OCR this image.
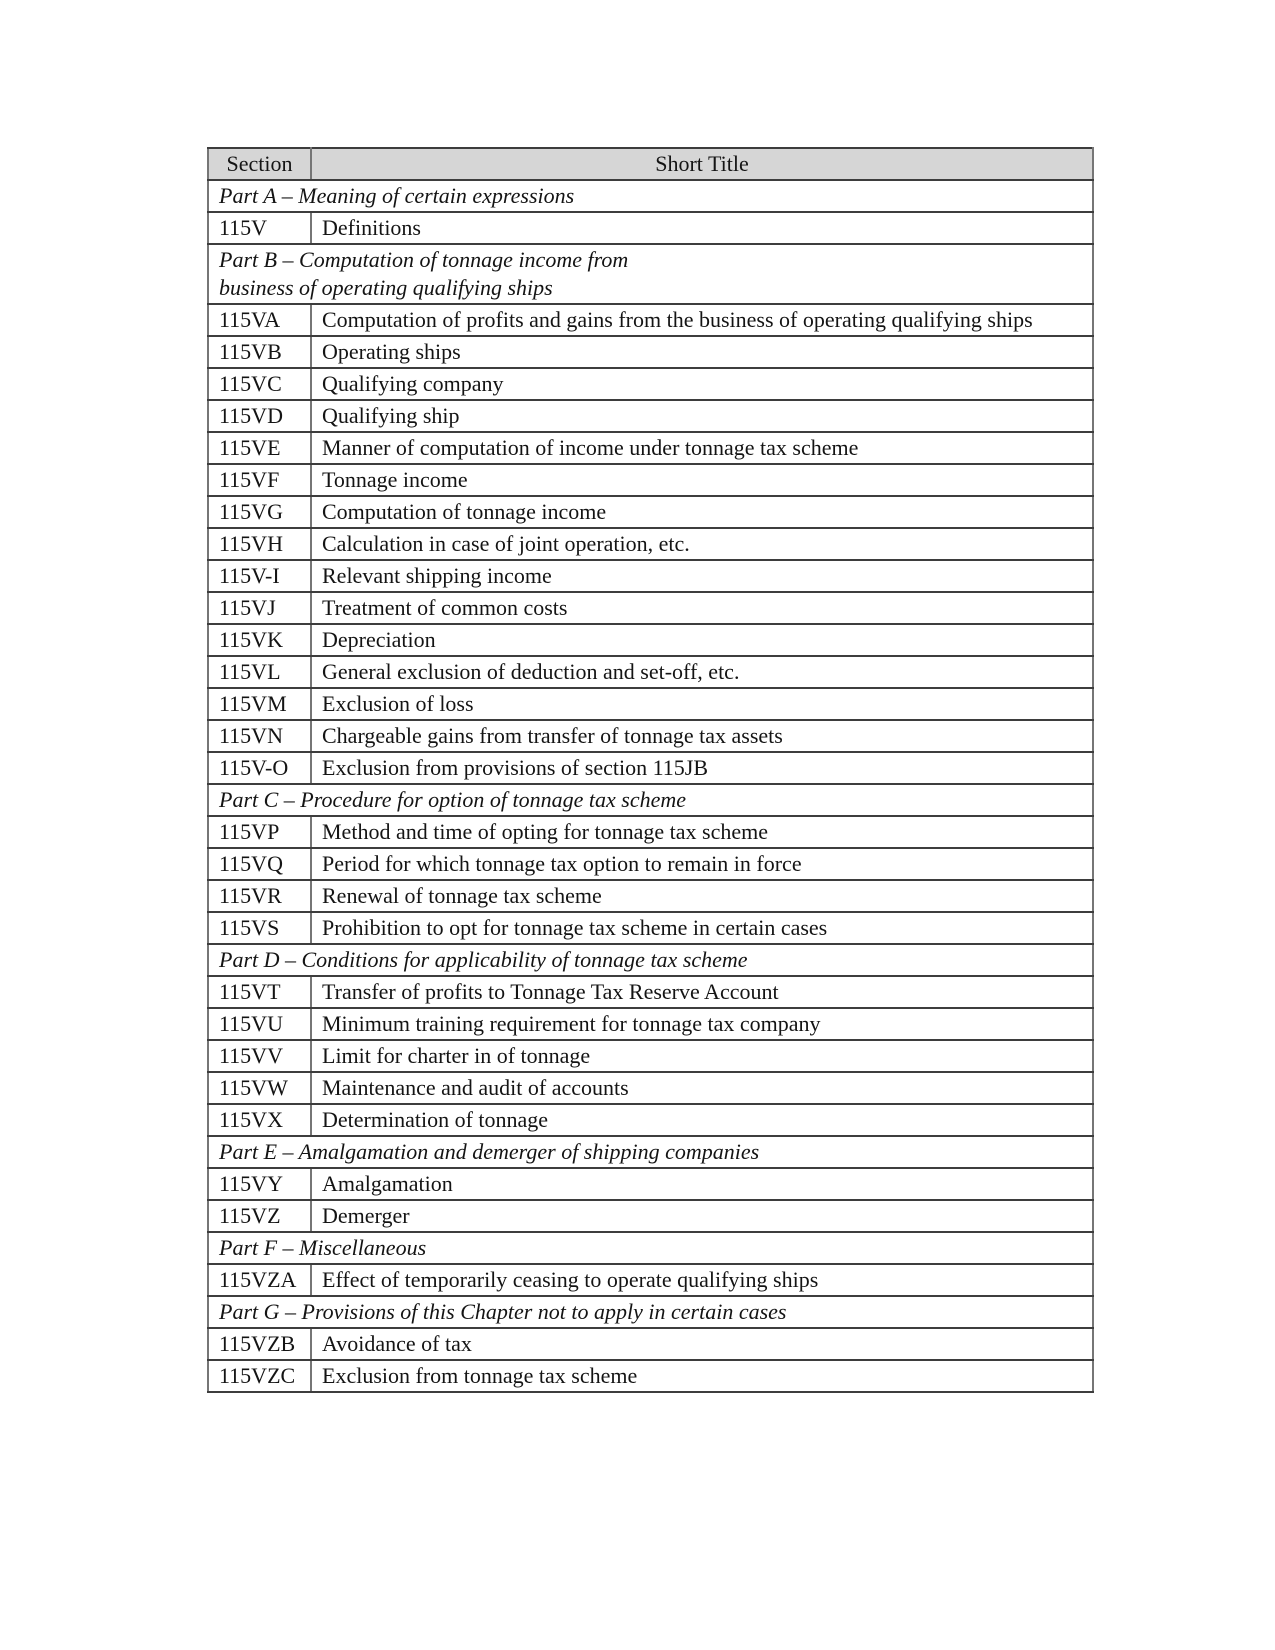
Section	Short Title

Part A – Meaning of certain expressions	

115V	Definitions

Part B – Computation of tonnage income from
business of operating qualifying ships	

115VA	Computation of profits and gains from the business of operating qualifying ships
115VB	Operating ships
115VC	Qualifying company
115VD	Qualifying ship
115VE	Manner of computation of income under tonnage tax scheme
115VF	Tonnage income
115VG	Computation of tonnage income
115VH	Calculation in case of joint operation, etc.
115V-I	Relevant shipping income
115VJ	Treatment of common costs
115VK	Depreciation
115VL	General exclusion of deduction and set-off, etc.
115VM	Exclusion of loss
115VN	Chargeable gains from transfer of tonnage tax assets
115V-O	Exclusion from provisions of section 115JB

Part C – Procedure for option of tonnage tax scheme	

115VP	Method and time of opting for tonnage tax scheme
115VQ	Period for which tonnage tax option to remain in force
115VR	Renewal of tonnage tax scheme
115VS	Prohibition to opt for tonnage tax scheme in certain cases

Part D – Conditions for applicability of tonnage tax scheme	

115VT	Transfer of profits to Tonnage Tax Reserve Account
115VU	Minimum training requirement for tonnage tax company
115VV	Limit for charter in of tonnage
115VW	Maintenance and audit of accounts
115VX	Determination of tonnage

Part E – Amalgamation and demerger of shipping companies	

115VY	Amalgamation
115VZ	Demerger

Part F – Miscellaneous	

115VZA	Effect of temporarily ceasing to operate qualifying ships

Part G – Provisions of this Chapter not to apply in certain cases	

115VZB	Avoidance of tax
115VZC	Exclusion from tonnage tax scheme
